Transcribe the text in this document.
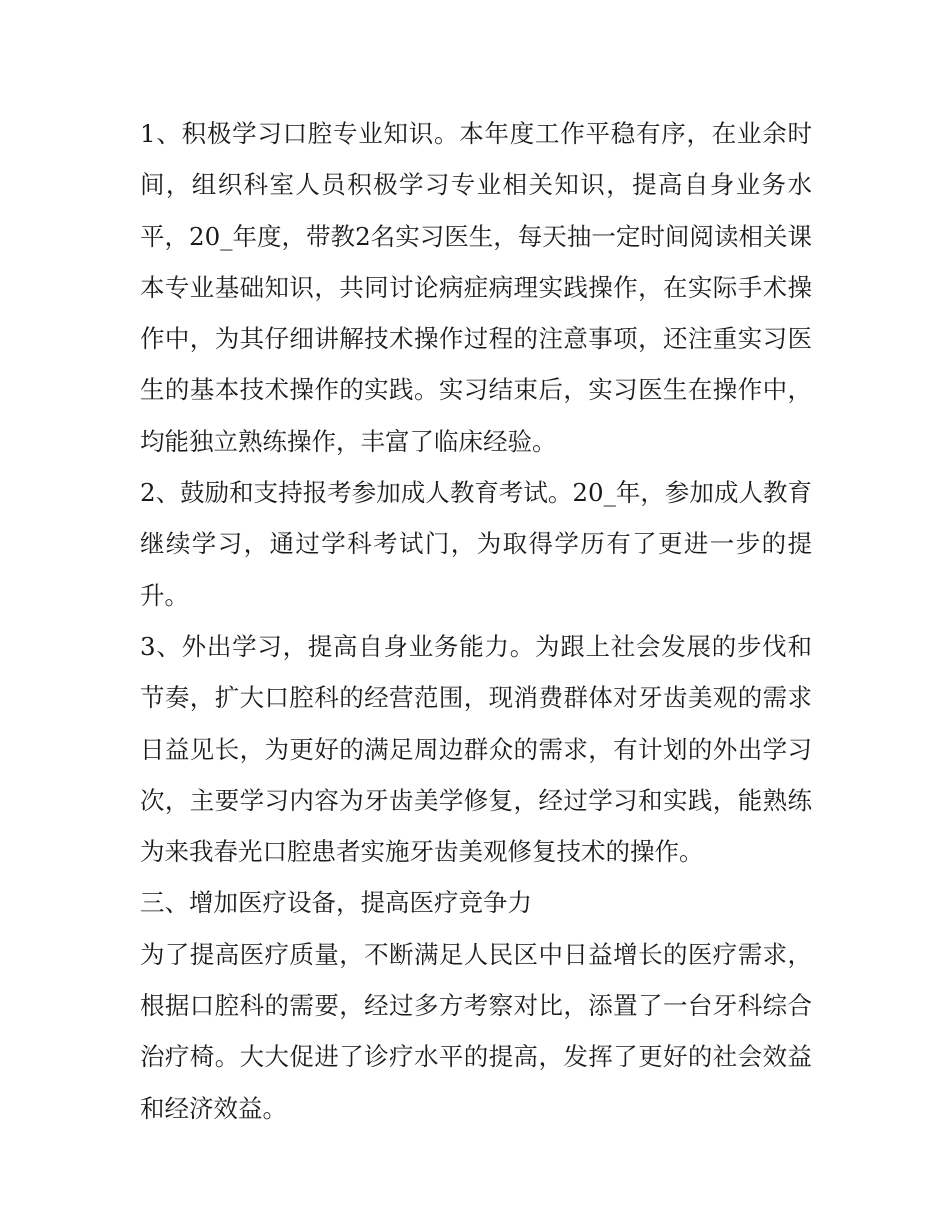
1、积极学习口腔专业知识。本年度工作平稳有序，在业余时间，组织科室人员积极学习专业相关知识，提高自身业务水平，20_年度，带教2名实习医生，每天抽一定时间阅读相关课本专业基础知识，共同讨论病症病理实践操作，在实际手术操作中，为其仔细讲解技术操作过程的注意事项，还注重实习医生的基本技术操作的实践。实习结束后，实习医生在操作中，均能独立熟练操作，丰富了临床经验。

2、鼓励和支持报考参加成人教育考试。20_年，参加成人教育继续学习，通过学科考试门，为取得学历有了更进一步的提升。

3、外出学习，提高自身业务能力。为跟上社会发展的步伐和节奏，扩大口腔科的经营范围，现消费群体对牙齿美观的需求日益见长，为更好的满足周边群众的需求，有计划的外出学习次，主要学习内容为牙齿美学修复，经过学习和实践，能熟练为来我春光口腔患者实施牙齿美观修复技术的操作。

三、增加医疗设备，提高医疗竞争力

为了提高医疗质量，不断满足人民区中日益增长的医疗需求，根据口腔科的需要，经过多方考察对比，添置了一台牙科综合治疗椅。大大促进了诊疗水平的提高，发挥了更好的社会效益和经济效益。
